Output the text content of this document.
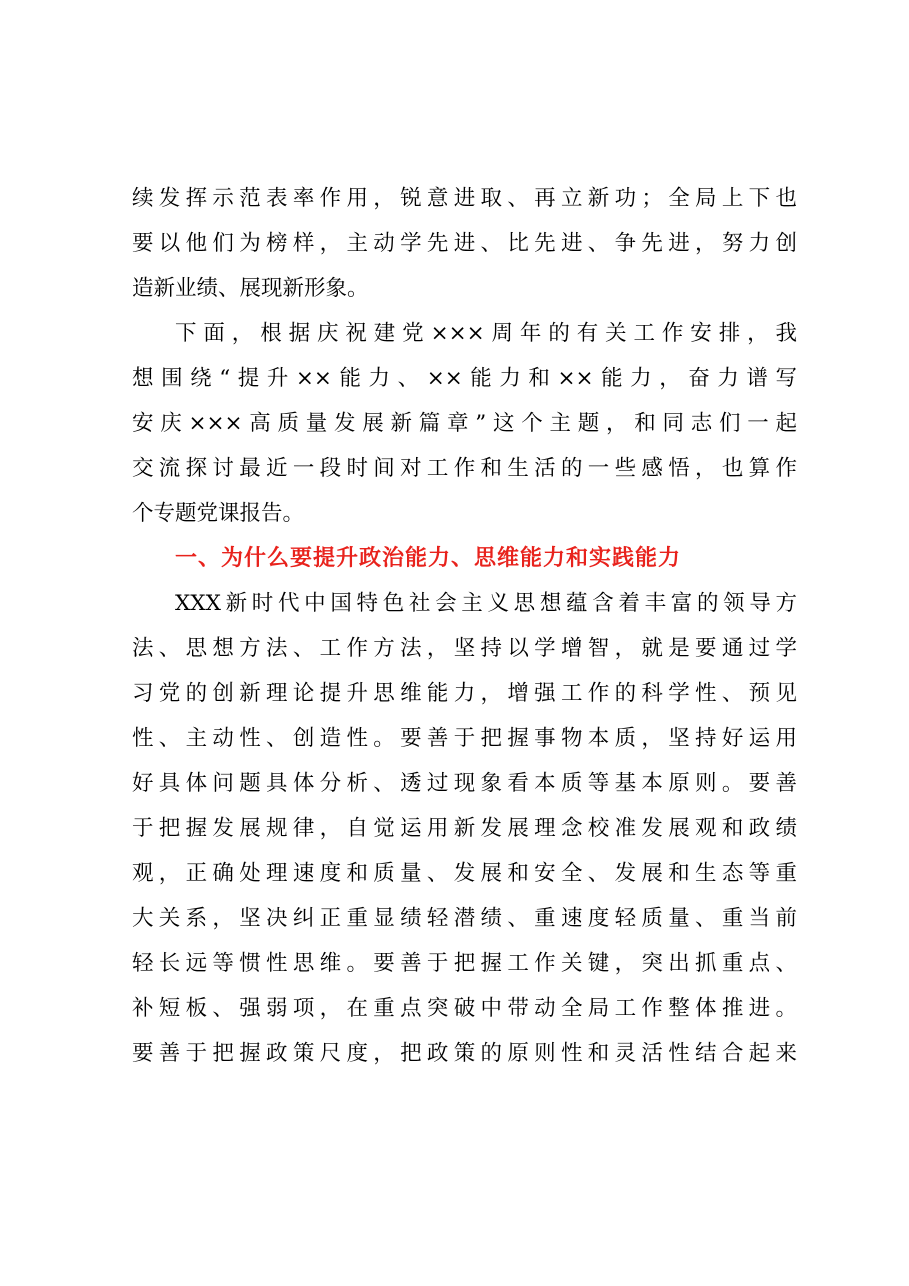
续发挥示范表率作用，锐意进取、再立新功；全局上下也
要以他们为榜样，主动学先进、比先进、争先进，努力创
造新业绩、展现新形象。
下面，根据庆祝建党×××周年的有关工作安排，我
想围绕“提升××能力、××能力和××能力，奋力谱写
安庆×××高质量发展新篇章”这个主题，和同志们一起
交流探讨最近一段时间对工作和生活的一些感悟，也算作
个专题党课报告。
一、为什么要提升政治能力、思维能力和实践能力
XXX新时代中国特色社会主义思想蕴含着丰富的领导方
法、思想方法、工作方法，坚持以学增智，就是要通过学
习党的创新理论提升思维能力，增强工作的科学性、预见
性、主动性、创造性。要善于把握事物本质，坚持好运用
好具体问题具体分析、透过现象看本质等基本原则。要善
于把握发展规律，自觉运用新发展理念校准发展观和政绩
观，正确处理速度和质量、发展和安全、发展和生态等重
大关系，坚决纠正重显绩轻潜绩、重速度轻质量、重当前
轻长远等惯性思维。要善于把握工作关键，突出抓重点、
补短板、强弱项，在重点突破中带动全局工作整体推进。
要善于把握政策尺度，把政策的原则性和灵活性结合起来
